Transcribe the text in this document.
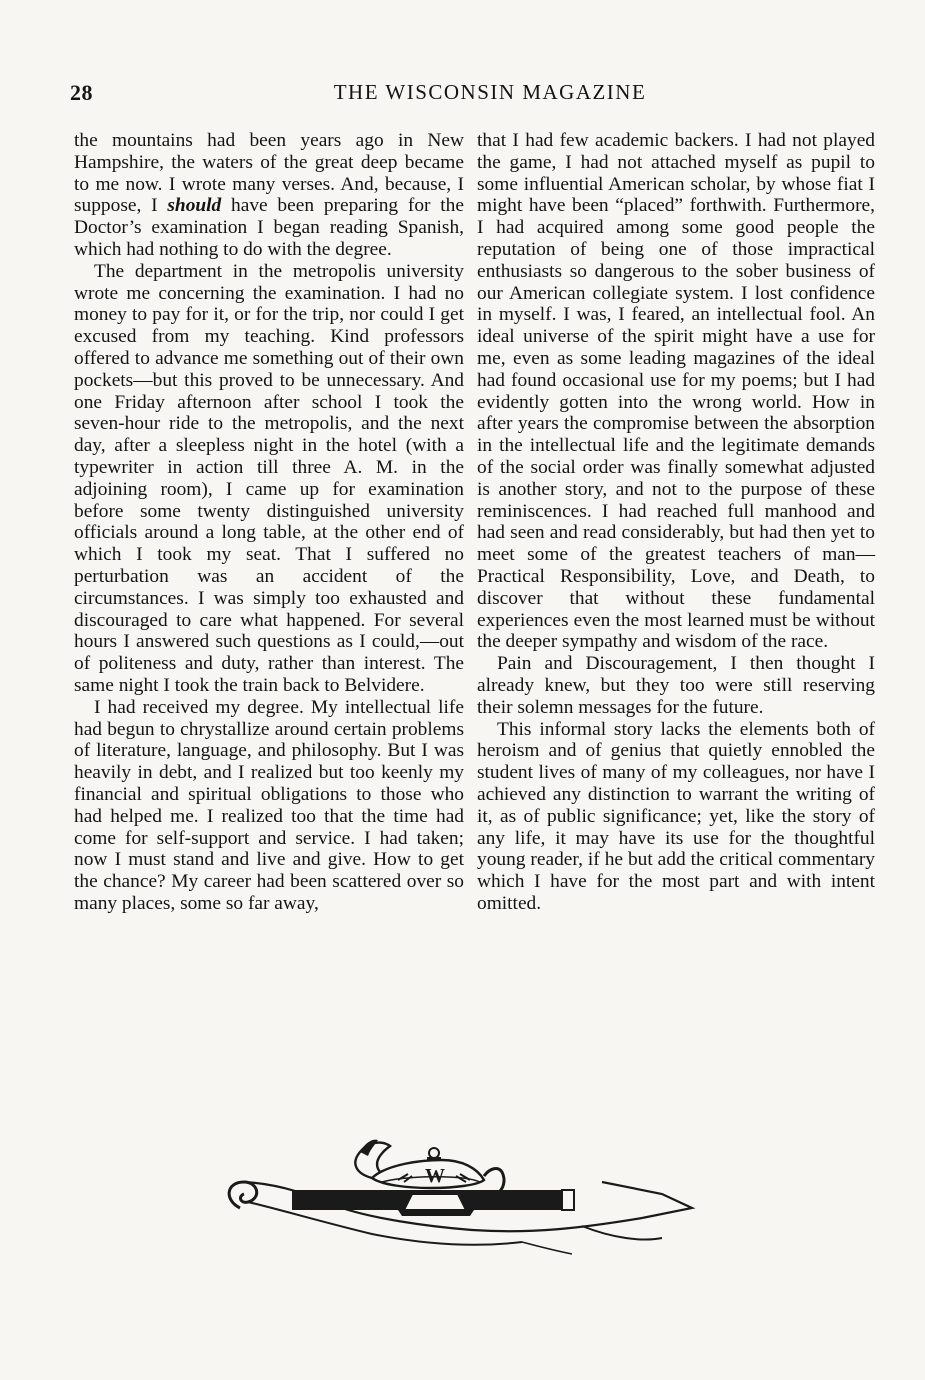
28	THE WISCONSIN MAGAZINE

the mountains had been years ago in New Hampshire, the waters of the great deep became to me now. I wrote many verses. And, because, I suppose, I should have been preparing for the Doctor’s examination I began reading Spanish, which had nothing to do with the degree.

The department in the metropolis university wrote me concerning the examination. I had no money to pay for it, or for the trip, nor could I get excused from my teaching. Kind professors offered to advance me something out of their own pockets—but this proved to be unnecessary. And one Friday afternoon after school I took the seven-hour ride to the metropolis, and the next day, after a sleepless night in the hotel (with a typewriter in action till three A. M. in the adjoining room), I came up for examination before some twenty distinguished university officials around a long table, at the other end of which I took my seat. That I suffered no perturbation was an accident of the circumstances. I was simply too exhausted and discouraged to care what happened. For several hours I answered such questions as I could,—out of politeness and duty, rather than interest. The same night I took the train back to Belvidere.

I had received my degree. My intellectual life had begun to chrystallize around certain problems of literature, language, and philosophy. But I was heavily in debt, and I realized but too keenly my financial and spiritual obligations to those who had helped me. I realized too that the time had come for self-support and service. I had taken; now I must stand and live and give. How to get the chance? My career had been scattered over so many places, some so far away,

that I had few academic backers. I had not played the game, I had not attached myself as pupil to some influential American scholar, by whose fiat I might have been “placed” forthwith. Furthermore, I had acquired among some good people the reputation of being one of those impractical enthusiasts so dangerous to the sober business of our American collegiate system. I lost confidence in myself. I was, I feared, an intellectual fool. An ideal universe of the spirit might have a use for me, even as some leading magazines of the ideal had found occasional use for my poems; but I had evidently gotten into the wrong world. How in after years the compromise between the absorption in the intellectual life and the legitimate demands of the social order was finally somewhat adjusted is another story, and not to the purpose of these reminiscences. I had reached full manhood and had seen and read considerably, but had then yet to meet some of the greatest teachers of man—Practical Responsibility, Love, and Death, to discover that without these fundamental experiences even the most learned must be without the deeper sympathy and wisdom of the race.

Pain and Discouragement, I then thought I already knew, but they too were still reserving their solemn messages for the future.

This informal story lacks the elements both of heroism and of genius that quietly ennobled the student lives of many of my colleagues, nor have I achieved any distinction to warrant the writing of it, as of public significance; yet, like the story of any life, it may have its use for the thoughtful young reader, if he but add the critical commentary which I have for the most part and with intent omitted.

W
